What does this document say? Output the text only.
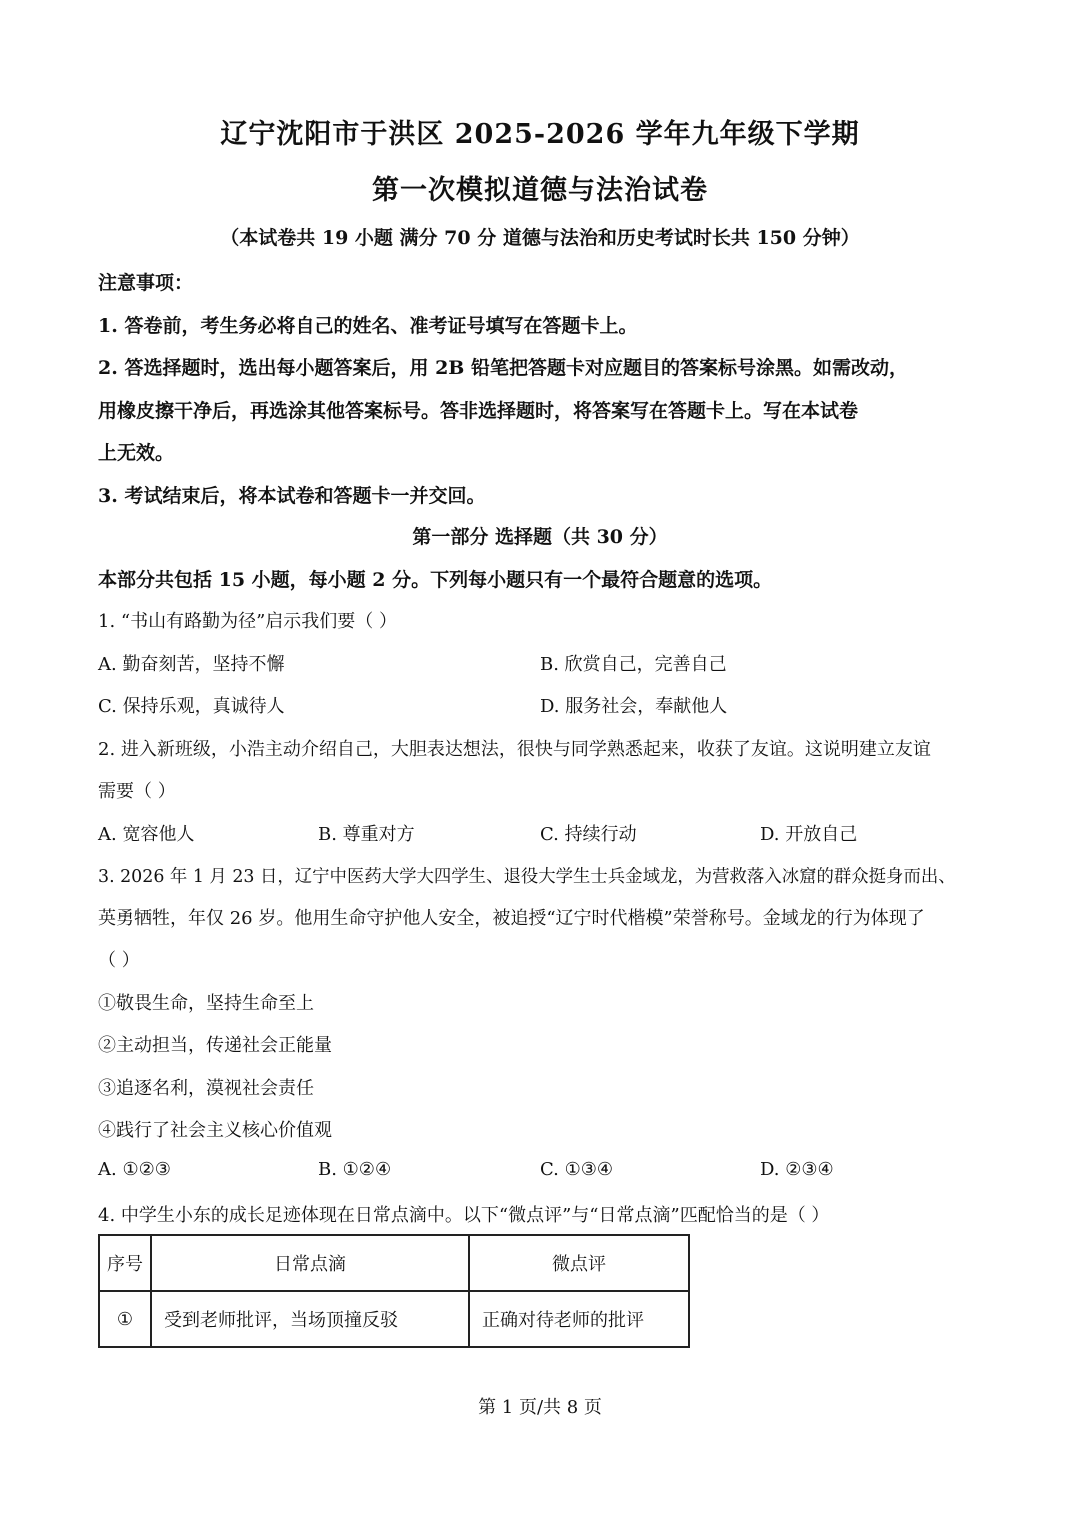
辽宁沈阳市于洪区 2025-2026 学年九年级下学期
第一次模拟道德与法治试卷
（本试卷共 19 小题 满分 70 分 道德与法治和历史考试时长共 150 分钟）
注意事项：
1. 答卷前，考生务必将自己的姓名、准考证号填写在答题卡上。
2. 答选择题时，选出每小题答案后，用 2B 铅笔把答题卡对应题目的答案标号涂黑。如需改动，
用橡皮擦干净后，再选涂其他答案标号。答非选择题时，将答案写在答题卡上。写在本试卷
上无效。
3. 考试结束后，将本试卷和答题卡一并交回。
第一部分 选择题（共 30 分）
本部分共包括 15 小题，每小题 2 分。下列每小题只有一个最符合题意的选项。
1. “书山有路勤为径”启示我们要（ ）
A. 勤奋刻苦，坚持不懈	B. 欣赏自己，完善自己
C. 保持乐观，真诚待人	D. 服务社会，奉献他人
2. 进入新班级，小浩主动介绍自己，大胆表达想法，很快与同学熟悉起来，收获了友谊。这说明建立友谊
需要（ ）
A. 宽容他人	B. 尊重对方	C. 持续行动	D. 开放自己
3. 2026 年 1 月 23 日，辽宁中医药大学大四学生、退役大学生士兵金域龙，为营救落入冰窟的群众挺身而出、
英勇牺牲，年仅 26 岁。他用生命守护他人安全，被追授“辽宁时代楷模”荣誉称号。金域龙的行为体现了
（ ）
①敬畏生命，坚持生命至上
②主动担当，传递社会正能量
③追逐名利，漠视社会责任
④践行了社会主义核心价值观
A. ①②③	B. ①②④	C. ①③④	D. ②③④
4. 中学生小东的成长足迹体现在日常点滴中。以下“微点评”与“日常点滴”匹配恰当的是（ ）
序号	日常点滴	微点评
①	受到老师批评，当场顶撞反驳	正确对待老师的批评
第 1 页/共 8 页
